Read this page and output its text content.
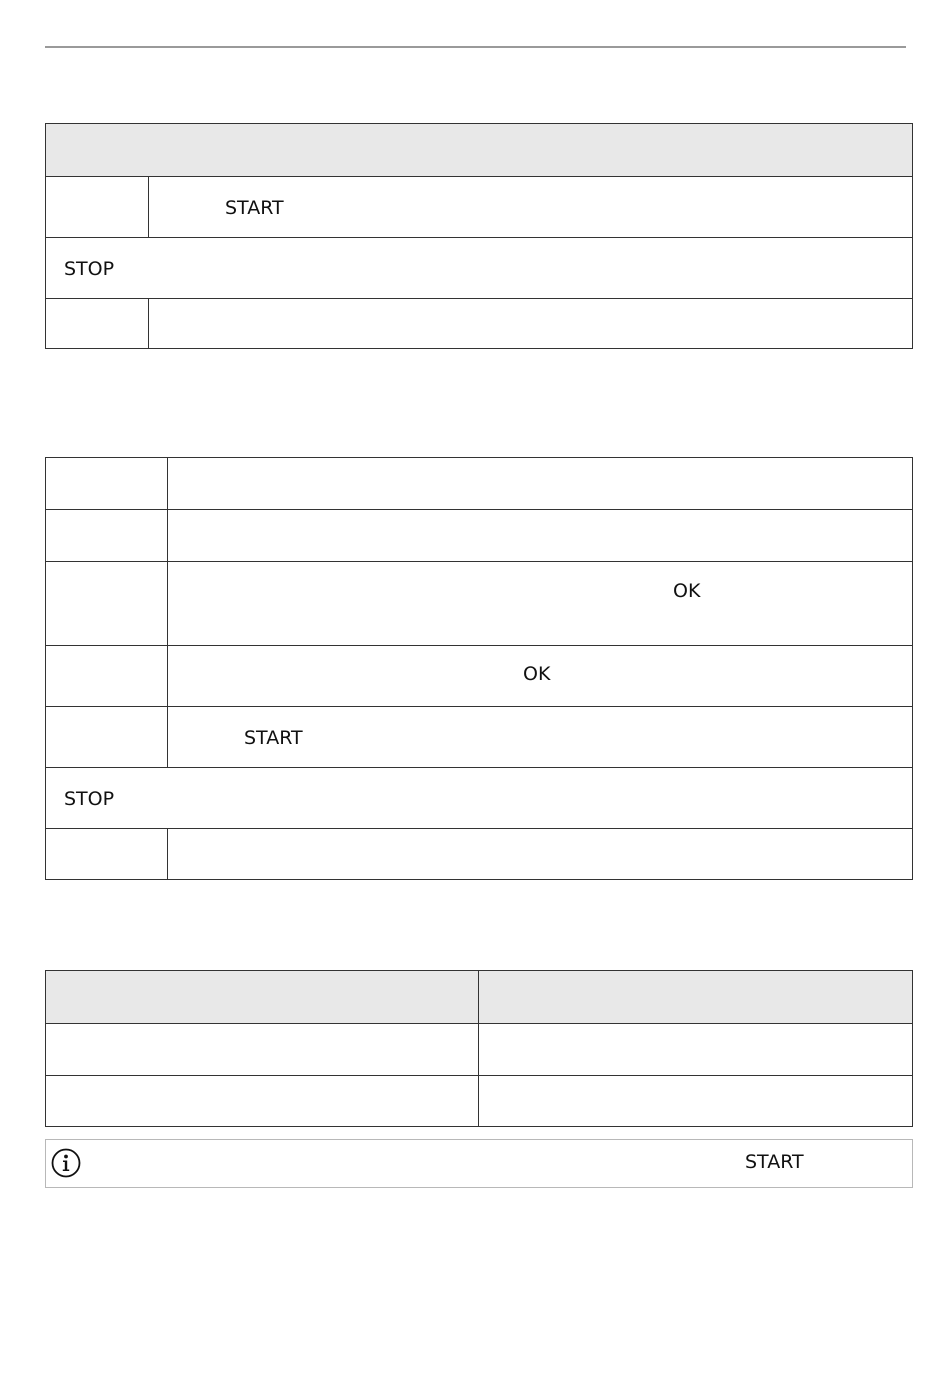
START
STOP
OK
OK
START
STOP
START
